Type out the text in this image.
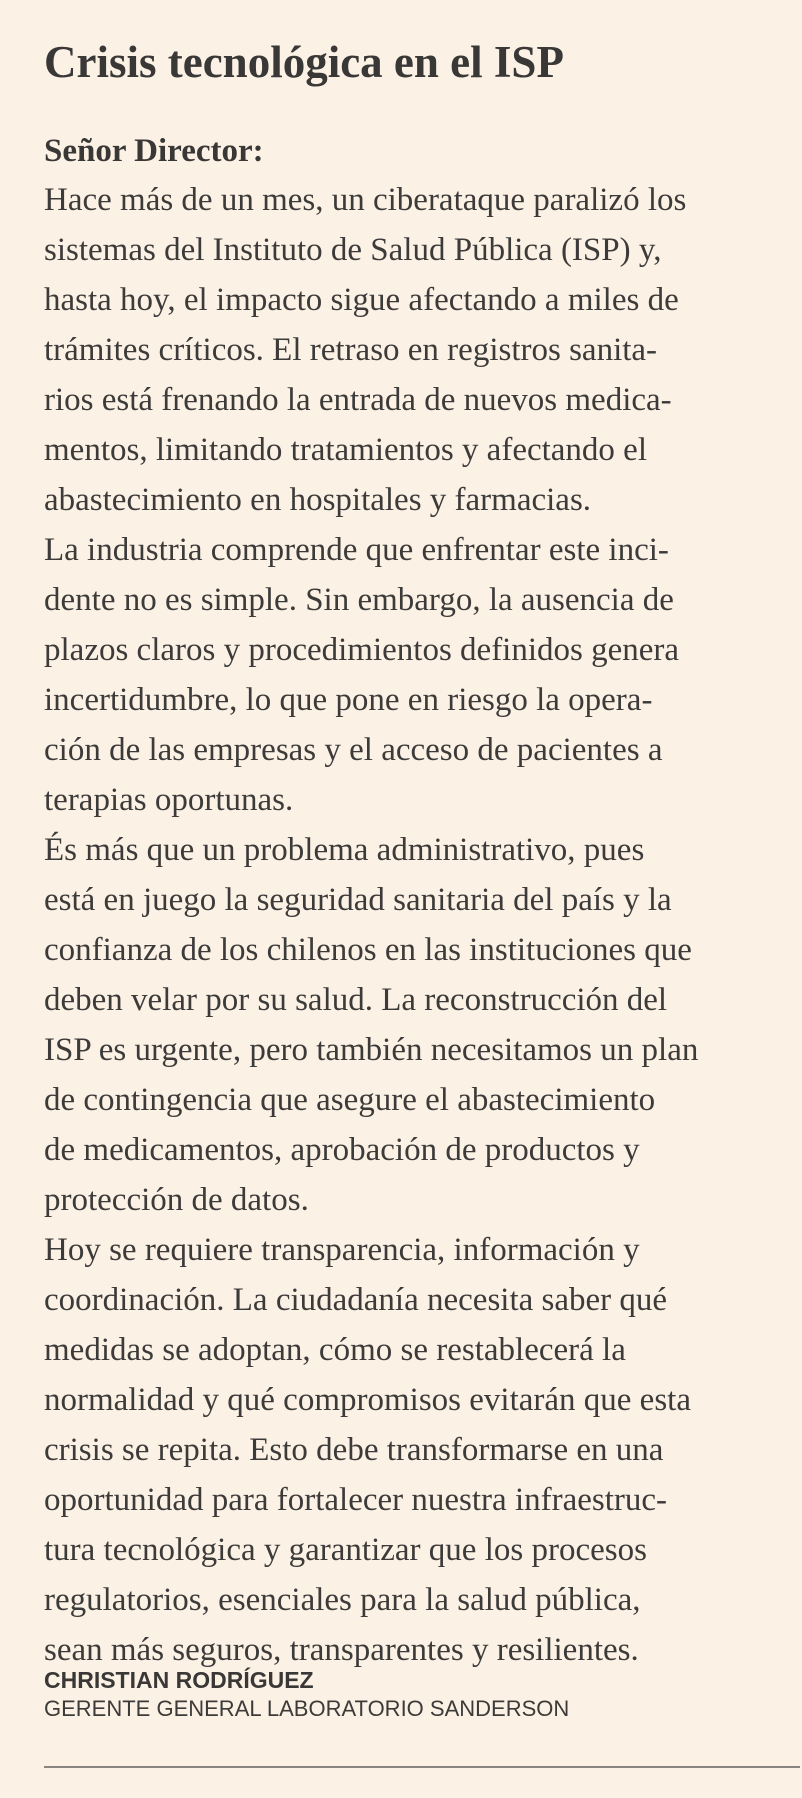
Crisis tecnológica en el ISP
Señor Director:
Hace más de un mes, un ciberataque paralizó los
sistemas del Instituto de Salud Pública (ISP) y,
hasta hoy, el impacto sigue afectando a miles de
trámites críticos. El retraso en registros sanita-
rios está frenando la entrada de nuevos medica-
mentos, limitando tratamientos y afectando el
abastecimiento en hospitales y farmacias.
La industria comprende que enfrentar este inci-
dente no es simple. Sin embargo, la ausencia de
plazos claros y procedimientos definidos genera
incertidumbre, lo que pone en riesgo la opera-
ción de las empresas y el acceso de pacientes a
terapias oportunas.
És más que un problema administrativo, pues
está en juego la seguridad sanitaria del país y la
confianza de los chilenos en las instituciones que
deben velar por su salud. La reconstrucción del
ISP es urgente, pero también necesitamos un plan
de contingencia que asegure el abastecimiento
de medicamentos, aprobación de productos y
protección de datos.
Hoy se requiere transparencia, información y
coordinación. La ciudadanía necesita saber qué
medidas se adoptan, cómo se restablecerá la
normalidad y qué compromisos evitarán que esta
crisis se repita. Esto debe transformarse en una
oportunidad para fortalecer nuestra infraestruc-
tura tecnológica y garantizar que los procesos
regulatorios, esenciales para la salud pública,
sean más seguros, transparentes y resilientes.
CHRISTIAN RODRÍGUEZ
GERENTE GENERAL LABORATORIO SANDERSON
